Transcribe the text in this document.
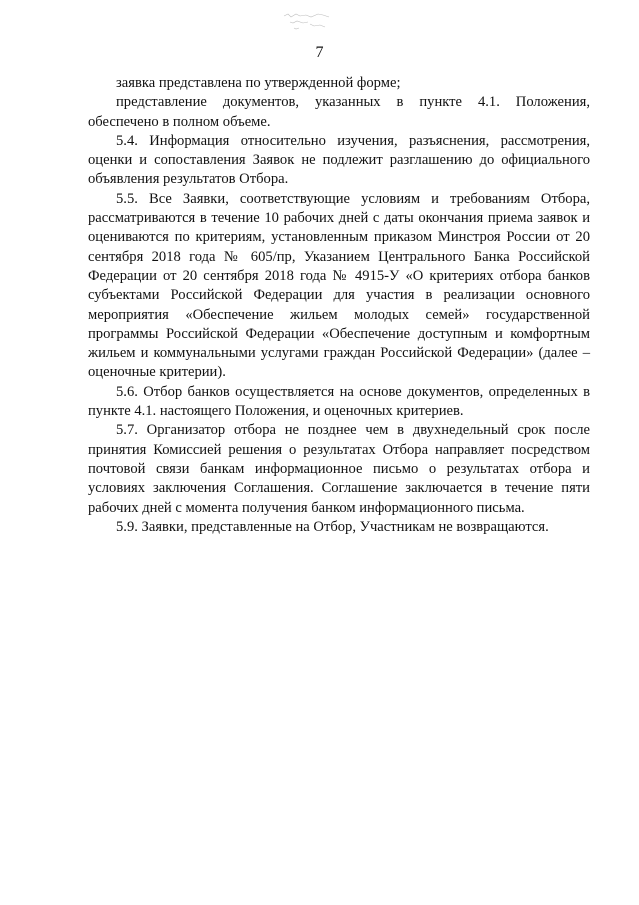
7

заявка представлена по утвержденной форме;

представление документов, указанных в пункте 4.1. Положения, обеспечено в полном объеме.

5.4. Информация относительно изучения, разъяснения, рассмотрения, оценки и сопоставления Заявок не подлежит разглашению до официального объявления результатов Отбора.

5.5. Все Заявки, соответствующие условиям и требованиям Отбора, рассматриваются в течение 10 рабочих дней с даты окончания приема заявок и оцениваются по критериям, установленным приказом Минстроя России от 20 сентября 2018 года № 605/пр, Указанием Центрального Банка Российской Федерации от 20 сентября 2018 года № 4915-У «О критериях отбора банков субъектами Российской Федерации для участия в реализации основного мероприятия «Обеспечение жильем молодых семей» государственной программы Российской Федерации «Обеспечение доступным и комфортным жильем и коммунальными услугами граждан Российской Федерации» (далее – оценочные критерии).

5.6. Отбор банков осуществляется на основе документов, определенных в пункте 4.1. настоящего Положения, и оценочных критериев.

5.7. Организатор отбора не позднее чем в двухнедельный срок после принятия Комиссией решения о результатах Отбора направляет посредством почтовой связи банкам информационное письмо о результатах отбора и условиях заключения Соглашения. Соглашение заключается в течение пяти рабочих дней с момента получения банком информационного письма.

5.9. Заявки, представленные на Отбор, Участникам не возвращаются.
